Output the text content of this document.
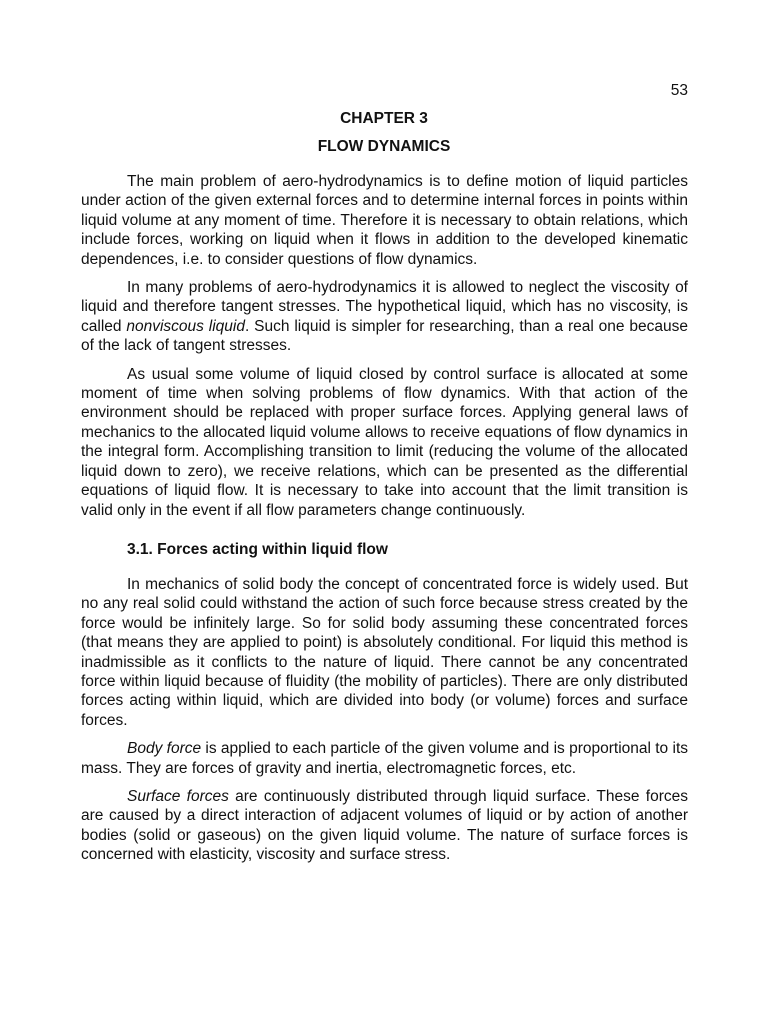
53
CHAPTER 3
FLOW DYNAMICS

The main problem of aero-hydrodynamics is to define motion of liquid particles under action of the given external forces and to determine internal forces in points within liquid volume at any moment of time. Therefore it is necessary to obtain relations, which include forces, working on liquid when it flows in addition to the developed kinematic dependences, i.e. to consider questions of flow dynamics.

In many problems of aero-hydrodynamics it is allowed to neglect the viscosity of liquid and therefore tangent stresses. The hypothetical liquid, which has no viscosity, is called nonviscous liquid. Such liquid is simpler for researching, than a real one because of the lack of tangent stresses.

As usual some volume of liquid closed by control surface is allocated at some moment of time when solving problems of flow dynamics. With that action of the environment should be replaced with proper surface forces. Applying general laws of mechanics to the allocated liquid volume allows to receive equations of flow dynamics in the integral form. Accomplishing transition to limit (reducing the volume of the allocated liquid down to zero), we receive relations, which can be presented as the differential equations of liquid flow. It is necessary to take into account that the limit transition is valid only in the event if all flow parameters change continuously.

3.1. Forces acting within liquid flow

In mechanics of solid body the concept of concentrated force is widely used. But no any real solid could withstand the action of such force because stress created by the force would be infinitely large. So for solid body assuming these concentrated forces (that means they are applied to point) is absolutely conditional. For liquid this method is inadmissible as it conflicts to the nature of liquid. There cannot be any concentrated force within liquid because of fluidity (the mobility of particles). There are only distributed forces acting within liquid, which are divided into body (or volume) forces and surface forces.

Body force is applied to each particle of the given volume and is proportional to its mass. They are forces of gravity and inertia, electromagnetic forces, etc.

Surface forces are continuously distributed through liquid surface. These forces are caused by a direct interaction of adjacent volumes of liquid or by action of another bodies (solid or gaseous) on the given liquid volume. The nature of surface forces is concerned with elasticity, viscosity and surface stress.
